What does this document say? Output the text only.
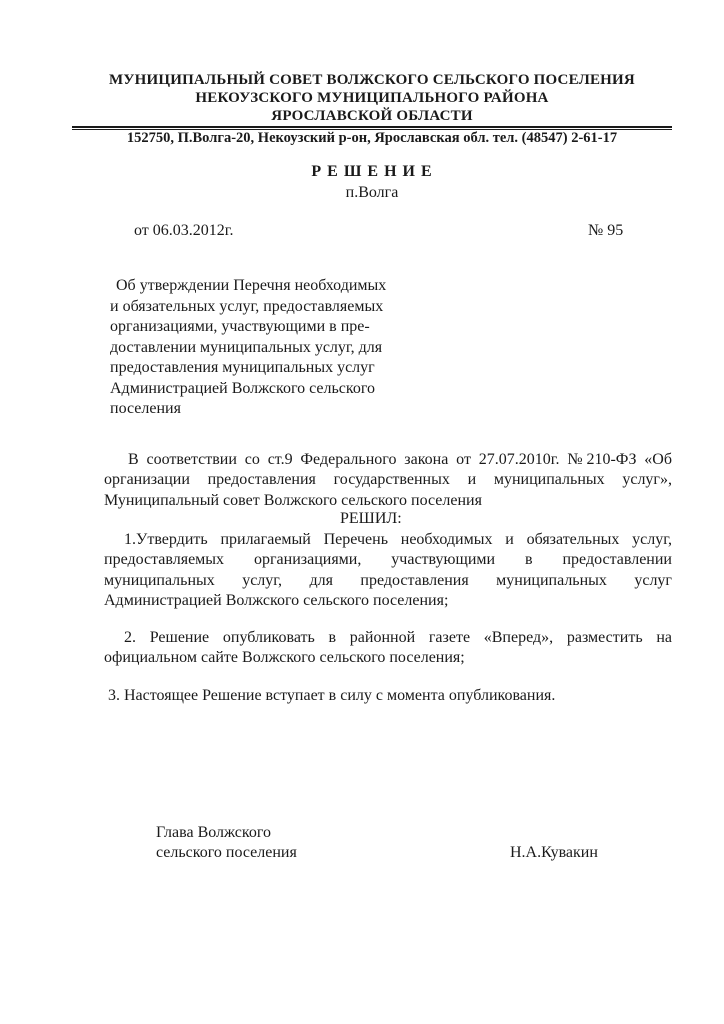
МУНИЦИПАЛЬНЫЙ СОВЕТ ВОЛЖСКОГО СЕЛЬСКОГО ПОСЕЛЕНИЯ
НЕКОУЗСКОГО МУНИЦИПАЛЬНОГО РАЙОНА
ЯРОСЛАВСКОЙ ОБЛАСТИ
152750, П.Волга-20, Некоузский р-он, Ярославская обл. тел. (48547) 2-61-17
Р Е Ш Е Н И Е
п.Волга
от 06.03.2012г.	№ 95
Об утверждении Перечня необходимых
и обязательных услуг, предоставляемых
организациями, участвующими в пре-
доставлении муниципальных услуг, для
предоставления муниципальных услуг
Администрацией Волжского сельского
поселения
В соответствии со ст.9 Федерального закона от 27.07.2010г. №210-ФЗ «Об
организации предоставления государственных и муниципальных услуг»,
Муниципальный совет Волжского сельского поселения
РЕШИЛ:
1.Утвердить прилагаемый Перечень необходимых и обязательных услуг,
предоставляемых организациями, участвующими в предоставлении
муниципальных услуг, для предоставления муниципальных услуг
Администрацией Волжского сельского поселения;
2. Решение опубликовать в районной газете «Вперед», разместить на
официальном сайте Волжского сельского поселения;
3. Настоящее Решение вступает в силу с момента опубликования.
Глава Волжского
сельского поселения	Н.А.Кувакин
